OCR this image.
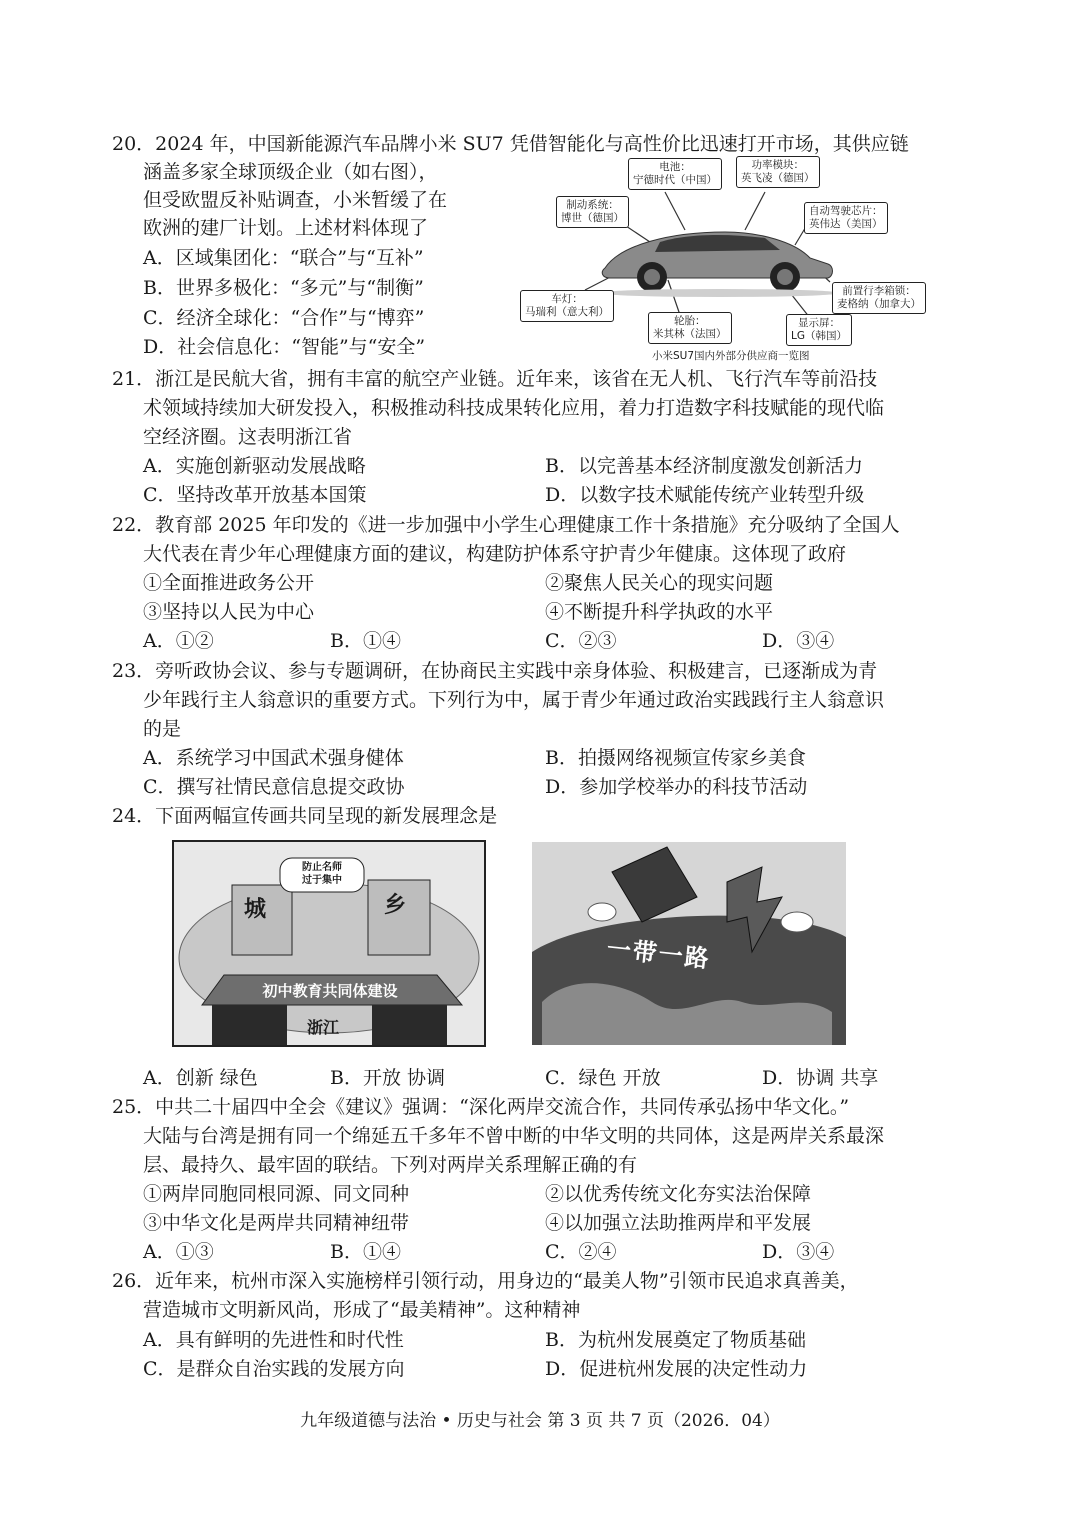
20．2024 年，中国新能源汽车品牌小米 SU7 凭借智能化与高性价比迅速打开市场，其供应链
涵盖多家全球顶级企业（如右图），
但受欧盟反补贴调查，小米暂缓了在
欧洲的建厂计划。上述材料体现了
A．区域集团化：“联合”与“互补”
B．世界多极化：“多元”与“制衡”
C．经济全球化：“合作”与“博弈”
D．社会信息化：“智能”与“安全”
电池：
宁德时代（中国）
功率模块：
英飞凌（德国）
制动系统：
博世（德国）
自动驾驶芯片：
英伟达（美国）
前置行李箱锁：
麦格纳（加拿大）
车灯：
马瑞利（意大利）
轮胎：
米其林（法国）
显示屏：
LG（韩国）
小米SU7国内外部分供应商一览图
21．浙江是民航大省，拥有丰富的航空产业链。近年来，该省在无人机、飞行汽车等前沿技
术领域持续加大研发投入，积极推动科技成果转化应用，着力打造数字科技赋能的现代临
空经济圈。这表明浙江省
A．实施创新驱动发展战略	B．以完善基本经济制度激发创新活力
C．坚持改革开放基本国策	D．以数字技术赋能传统产业转型升级
22．教育部 2025 年印发的《进一步加强中小学生心理健康工作十条措施》充分吸纳了全国人
大代表在青少年心理健康方面的建议，构建防护体系守护青少年健康。这体现了政府
①全面推进政务公开	②聚焦人民关心的现实问题
③坚持以人民为中心	④不断提升科学执政的水平
A．①②	B．①④	C．②③	D．③④
23．旁听政协会议、参与专题调研，在协商民主实践中亲身体验、积极建言，已逐渐成为青
少年践行主人翁意识的重要方式。下列行为中，属于青少年通过政治实践践行主人翁意识
的是
A．系统学习中国武术强身健体	B．拍摄网络视频宣传家乡美食
C．撰写社情民意信息提交政协	D．参加学校举办的科技节活动
24．下面两幅宣传画共同呈现的新发展理念是
城	乡
防止名师
过于集中
初中教育共同体建设
浙江
一带一路
A．创新 绿色	B．开放 协调	C．绿色 开放	D．协调 共享
25．中共二十届四中全会《建议》强调：“深化两岸交流合作，共同传承弘扬中华文化。”
大陆与台湾是拥有同一个绵延五千多年不曾中断的中华文明的共同体，这是两岸关系最深
层、最持久、最牢固的联结。下列对两岸关系理解正确的有
①两岸同胞同根同源、同文同种	②以优秀传统文化夯实法治保障
③中华文化是两岸共同精神纽带	④以加强立法助推两岸和平发展
A．①③	B．①④	C．②④	D．③④
26．近年来，杭州市深入实施榜样引领行动，用身边的“最美人物”引领市民追求真善美，
营造城市文明新风尚，形成了“最美精神”。这种精神
A．具有鲜明的先进性和时代性	B．为杭州发展奠定了物质基础
C．是群众自治实践的发展方向	D．促进杭州发展的决定性动力
九年级道德与法治 • 历史与社会 第 3 页 共 7 页（2026．04）
